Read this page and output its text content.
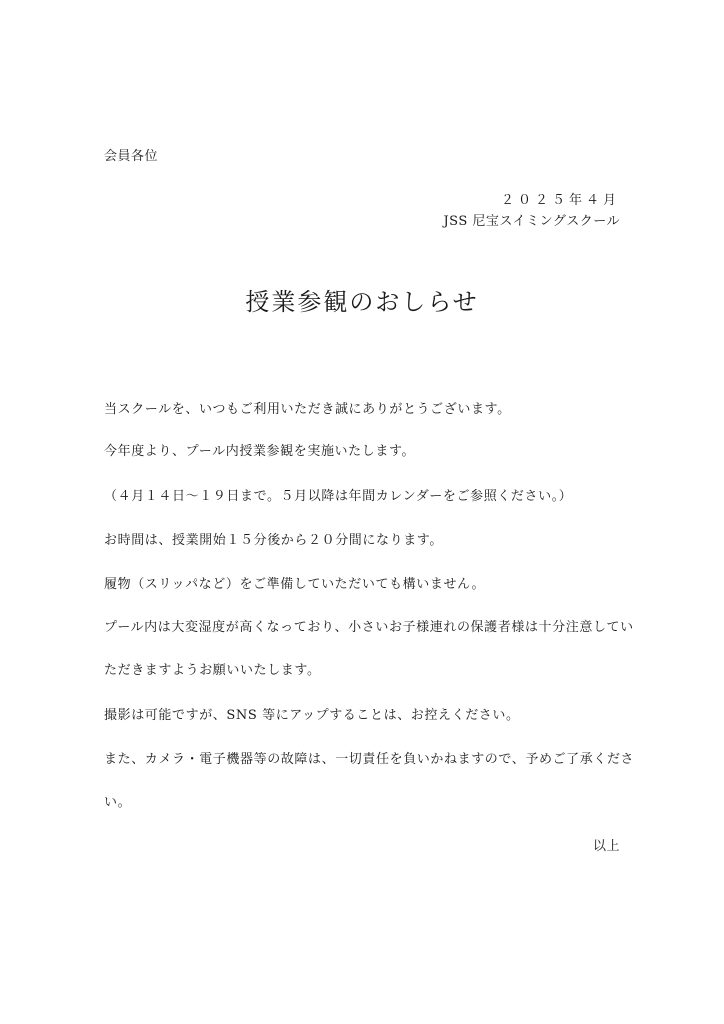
会員各位
２０２５年４月
JSS 尼宝スイミングスクール
授業参観のおしらせ
当スクールを、いつもご利用いただき誠にありがとうございます。
今年度より、プール内授業参観を実施いたします。
（４月１４日～１９日まで。５月以降は年間カレンダーをご参照ください。）
お時間は、授業開始１５分後から２０分間になります。
履物（スリッパなど）をご準備していただいても構いません。
プール内は大変湿度が高くなっており、小さいお子様連れの保護者様は十分注意してい
ただきますようお願いいたします。
撮影は可能ですが、SNS 等にアップすることは、お控えください。
また、カメラ・電子機器等の故障は、一切責任を負いかねますので、予めご了承くださ
い。
以上
